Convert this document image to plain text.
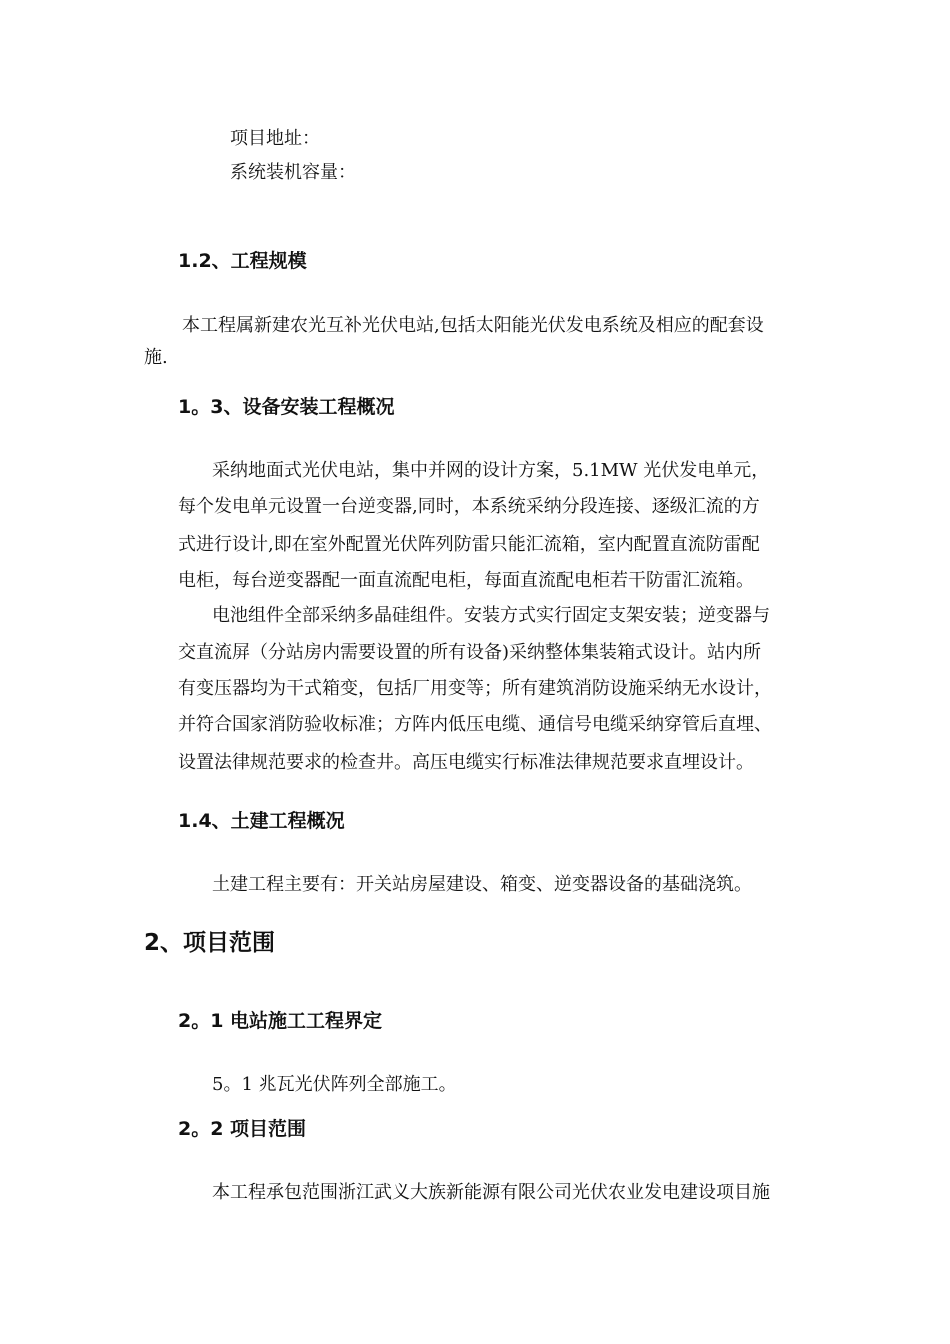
项目地址：
系统装机容量：
1.2、工程规模
本工程属新建农光互补光伏电站,包括太阳能光伏发电系统及相应的配套设
施.
1。3、设备安装工程概况
采纳地面式光伏电站，集中并网的设计方案，5.1MW 光伏发电单元，
每个发电单元设置一台逆变器,同时，本系统采纳分段连接、逐级汇流的方
式进行设计,即在室外配置光伏阵列防雷只能汇流箱，室内配置直流防雷配
电柜，每台逆变器配一面直流配电柜，每面直流配电柜若干防雷汇流箱。
电池组件全部采纳多晶硅组件。安装方式实行固定支架安装；逆变器与
交直流屏（分站房内需要设置的所有设备)采纳整体集装箱式设计。站内所
有变压器均为干式箱变，包括厂用变等；所有建筑消防设施采纳无水设计，
并符合国家消防验收标准；方阵内低压电缆、通信号电缆采纳穿管后直埋、
设置法律规范要求的检查井。高压电缆实行标准法律规范要求直埋设计。
1.4、土建工程概况
土建工程主要有：开关站房屋建设、箱变、逆变器设备的基础浇筑。
2、项目范围
2。1 电站施工工程界定
5。1 兆瓦光伏阵列全部施工。
2。2 项目范围
本工程承包范围浙江武义大族新能源有限公司光伏农业发电建设项目施
